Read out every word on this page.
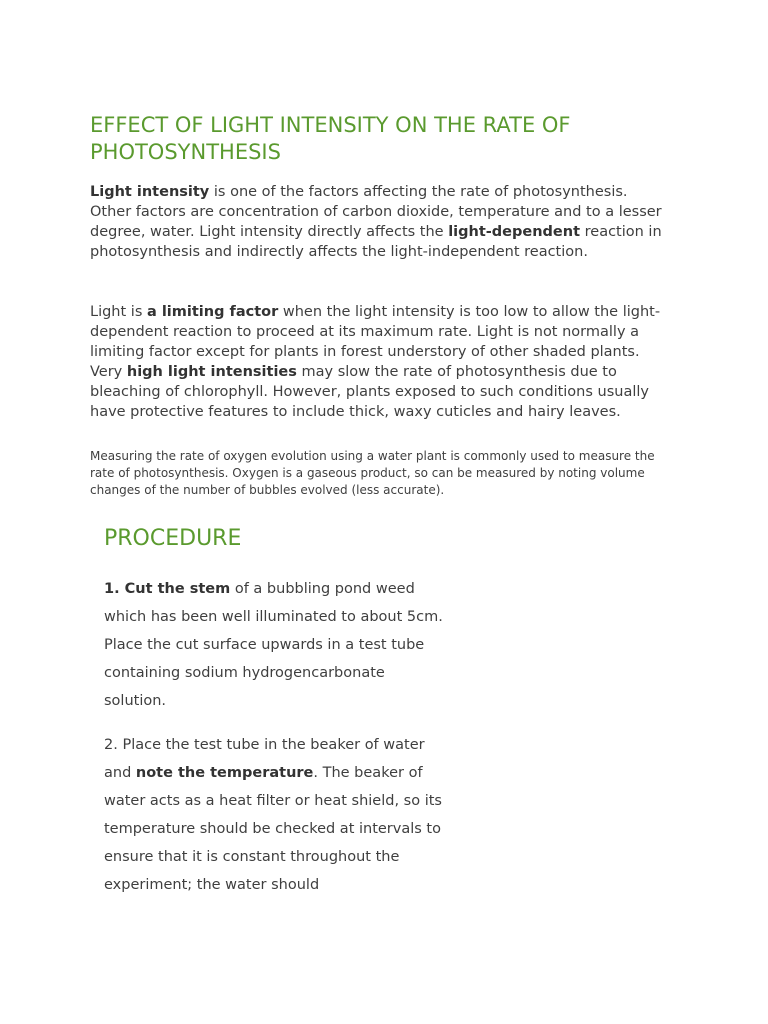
EFFECT OF LIGHT INTENSITY ON THE RATE OF PHOTOSYNTHESIS

Light intensity is one of the factors affecting the rate of photosynthesis. Other factors are concentration of carbon dioxide, temperature and to a lesser degree, water. Light intensity directly affects the light-dependent reaction in photosynthesis and indirectly affects the light-independent reaction.

Light is a limiting factor when the light intensity is too low to allow the light-dependent reaction to proceed at its maximum rate. Light is not normally a limiting factor except for plants in forest understory of other shaded plants. Very high light intensities may slow the rate of photosynthesis due to bleaching of chlorophyll. However, plants exposed to such conditions usually have protective features to include thick, waxy cuticles and hairy leaves.

Measuring the rate of oxygen evolution using a water plant is commonly used to measure the rate of photosynthesis. Oxygen is a gaseous product, so can be measured by noting volume changes of the number of bubbles evolved (less accurate).

PROCEDURE

1. Cut the stem of a bubbling pond weed which has been well illuminated to about 5cm. Place the cut surface upwards in a test tube containing sodium hydrogencarbonate solution.

2. Place the test tube in the beaker of water and note the temperature. The beaker of water acts as a heat filter or heat shield, so its temperature should be checked at intervals to ensure that it is constant throughout the experiment; the water should
